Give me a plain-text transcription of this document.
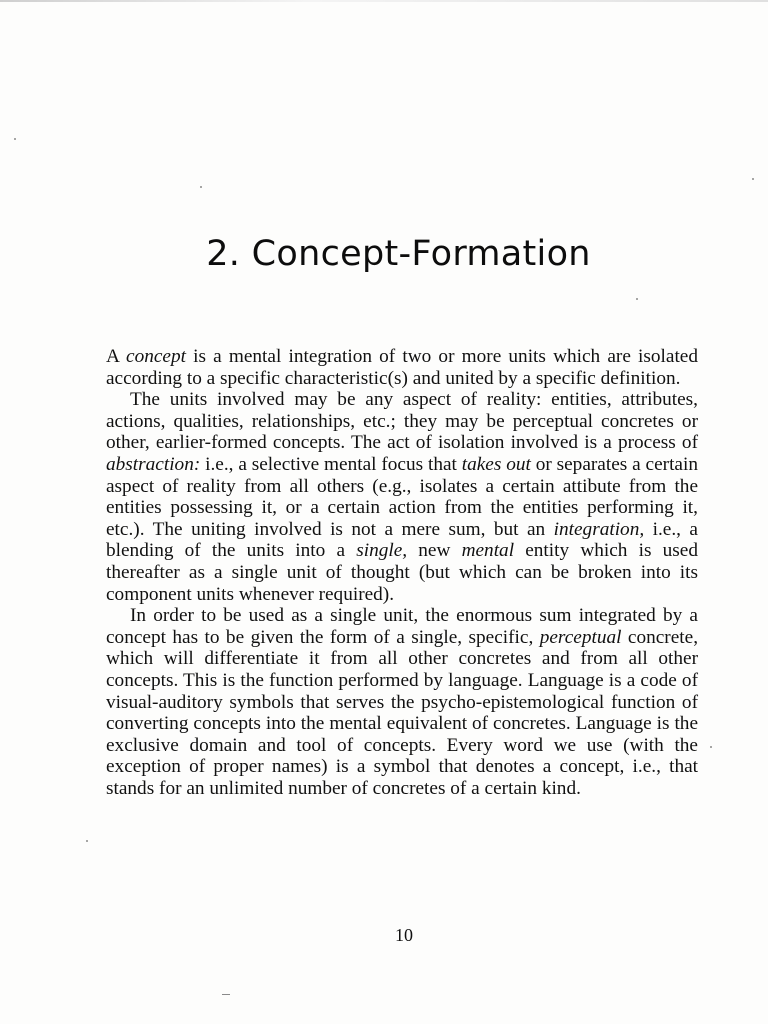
2. Concept-Formation

A concept is a mental integration of two or more units which are isolated according to a specific characteristic(s) and united by a specific definition.

The units involved may be any aspect of reality: entities, attributes, actions, qualities, relationships, etc.; they may be perceptual concretes or other, earlier-formed concepts. The act of isolation involved is a process of abstraction: i.e., a selective mental focus that takes out or separates a certain aspect of reality from all others (e.g., isolates a certain attibute from the entities possessing it, or a certain action from the entities performing it, etc.). The uniting involved is not a mere sum, but an integration, i.e., a blending of the units into a single, new mental entity which is used thereafter as a single unit of thought (but which can be broken into its component units whenever required).

In order to be used as a single unit, the enormous sum integrated by a concept has to be given the form of a single, specific, perceptual concrete, which will differentiate it from all other concretes and from all other concepts. This is the function performed by language. Language is a code of visual-auditory symbols that serves the psycho-epistemological function of converting concepts into the mental equivalent of concretes. Language is the exclusive domain and tool of concepts. Every word we use (with the exception of proper names) is a symbol that denotes a concept, i.e., that stands for an unlimited number of concretes of a certain kind.

10
